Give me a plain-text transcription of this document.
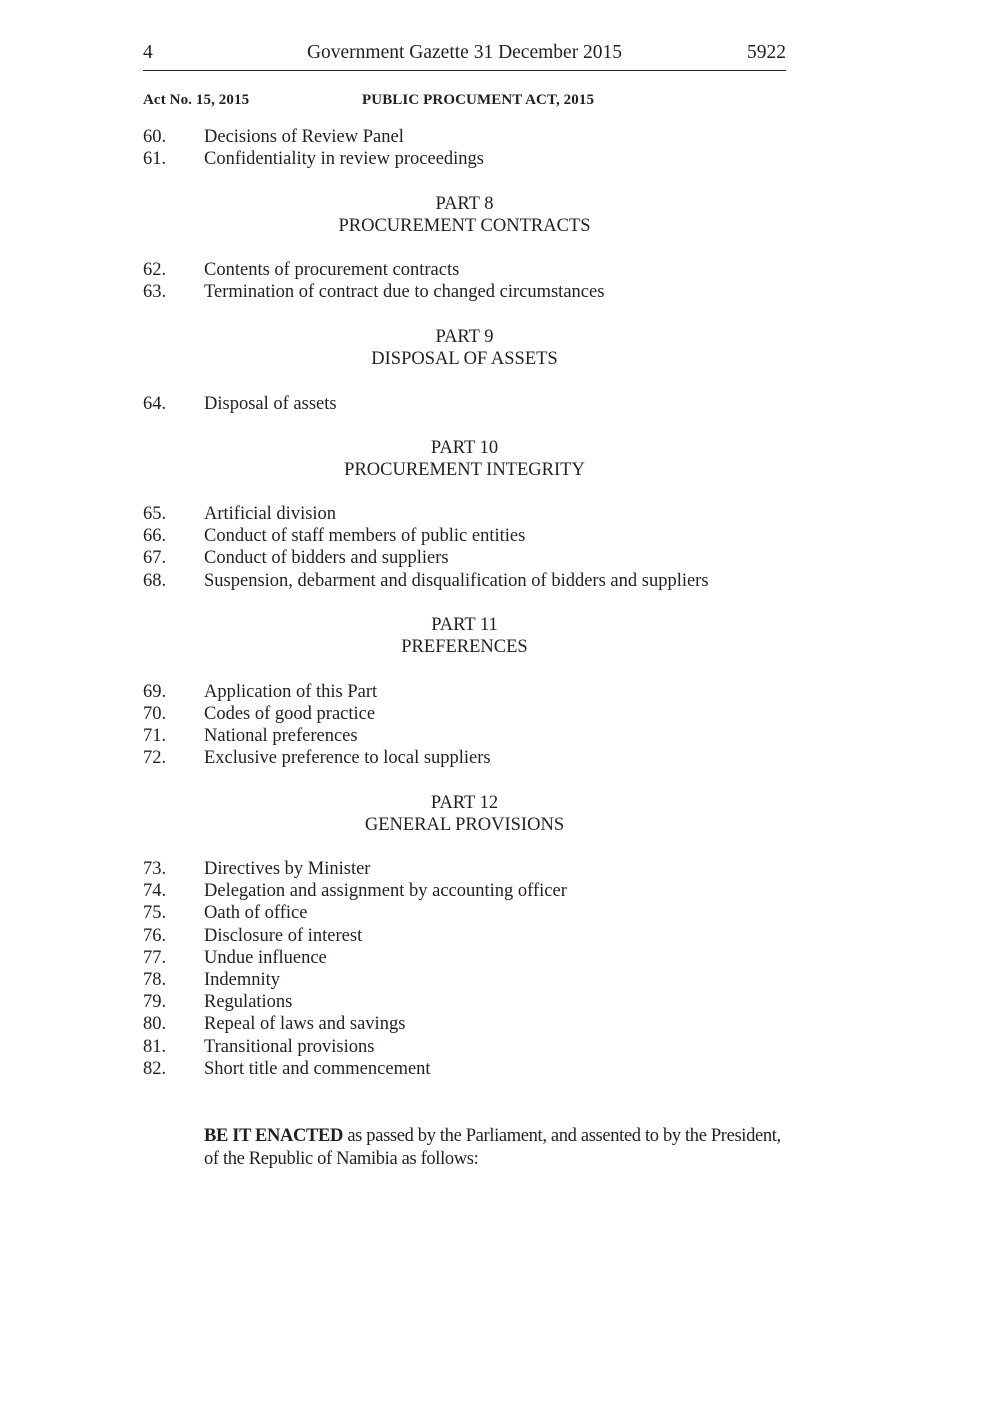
4	Government Gazette 31 December 2015	5922
Act No. 15, 2015	PUBLIC PROCUMENT ACT, 2015
60. Decisions of Review Panel
61. Confidentiality in review proceedings
PART 8
PROCUREMENT CONTRACTS
62. Contents of procurement contracts
63. Termination of contract due to changed circumstances
PART 9
DISPOSAL OF ASSETS
64. Disposal of assets
PART 10
PROCUREMENT INTEGRITY
65. Artificial division
66. Conduct of staff members of public entities
67. Conduct of bidders and suppliers
68. Suspension, debarment and disqualification of bidders and suppliers
PART 11
PREFERENCES
69. Application of this Part
70. Codes of good practice
71. National preferences
72. Exclusive preference to local suppliers
PART 12
GENERAL PROVISIONS
73. Directives by Minister
74. Delegation and assignment by accounting officer
75. Oath of office
76. Disclosure of interest
77. Undue influence
78. Indemnity
79. Regulations
80. Repeal of laws and savings
81. Transitional provisions
82. Short title and commencement
BE IT ENACTED as passed by the Parliament, and assented to by the President, of the Republic of Namibia as follows:
